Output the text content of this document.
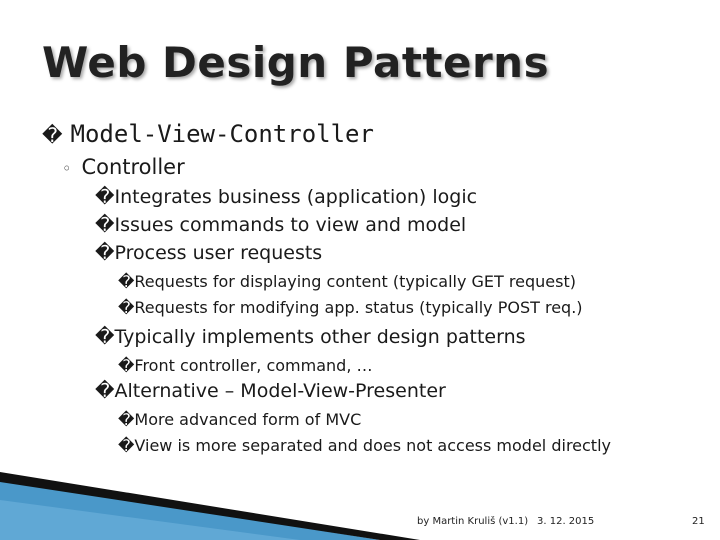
Web Design Patterns
� Model-View-Controller
◦ Controller
�Integrates business (application) logic
�Issues commands to view and model
�Process user requests
�Requests for displaying content (typically GET request)
�Requests for modifying app. status (typically POST req.)
�Typically implements other design patterns
�Front controller, command, …
�Alternative – Model-View-Presenter
�More advanced form of MVC
�View is more separated and does not access model directly
by Martin Kruliš (v1.1) 3. 12. 2015	21
